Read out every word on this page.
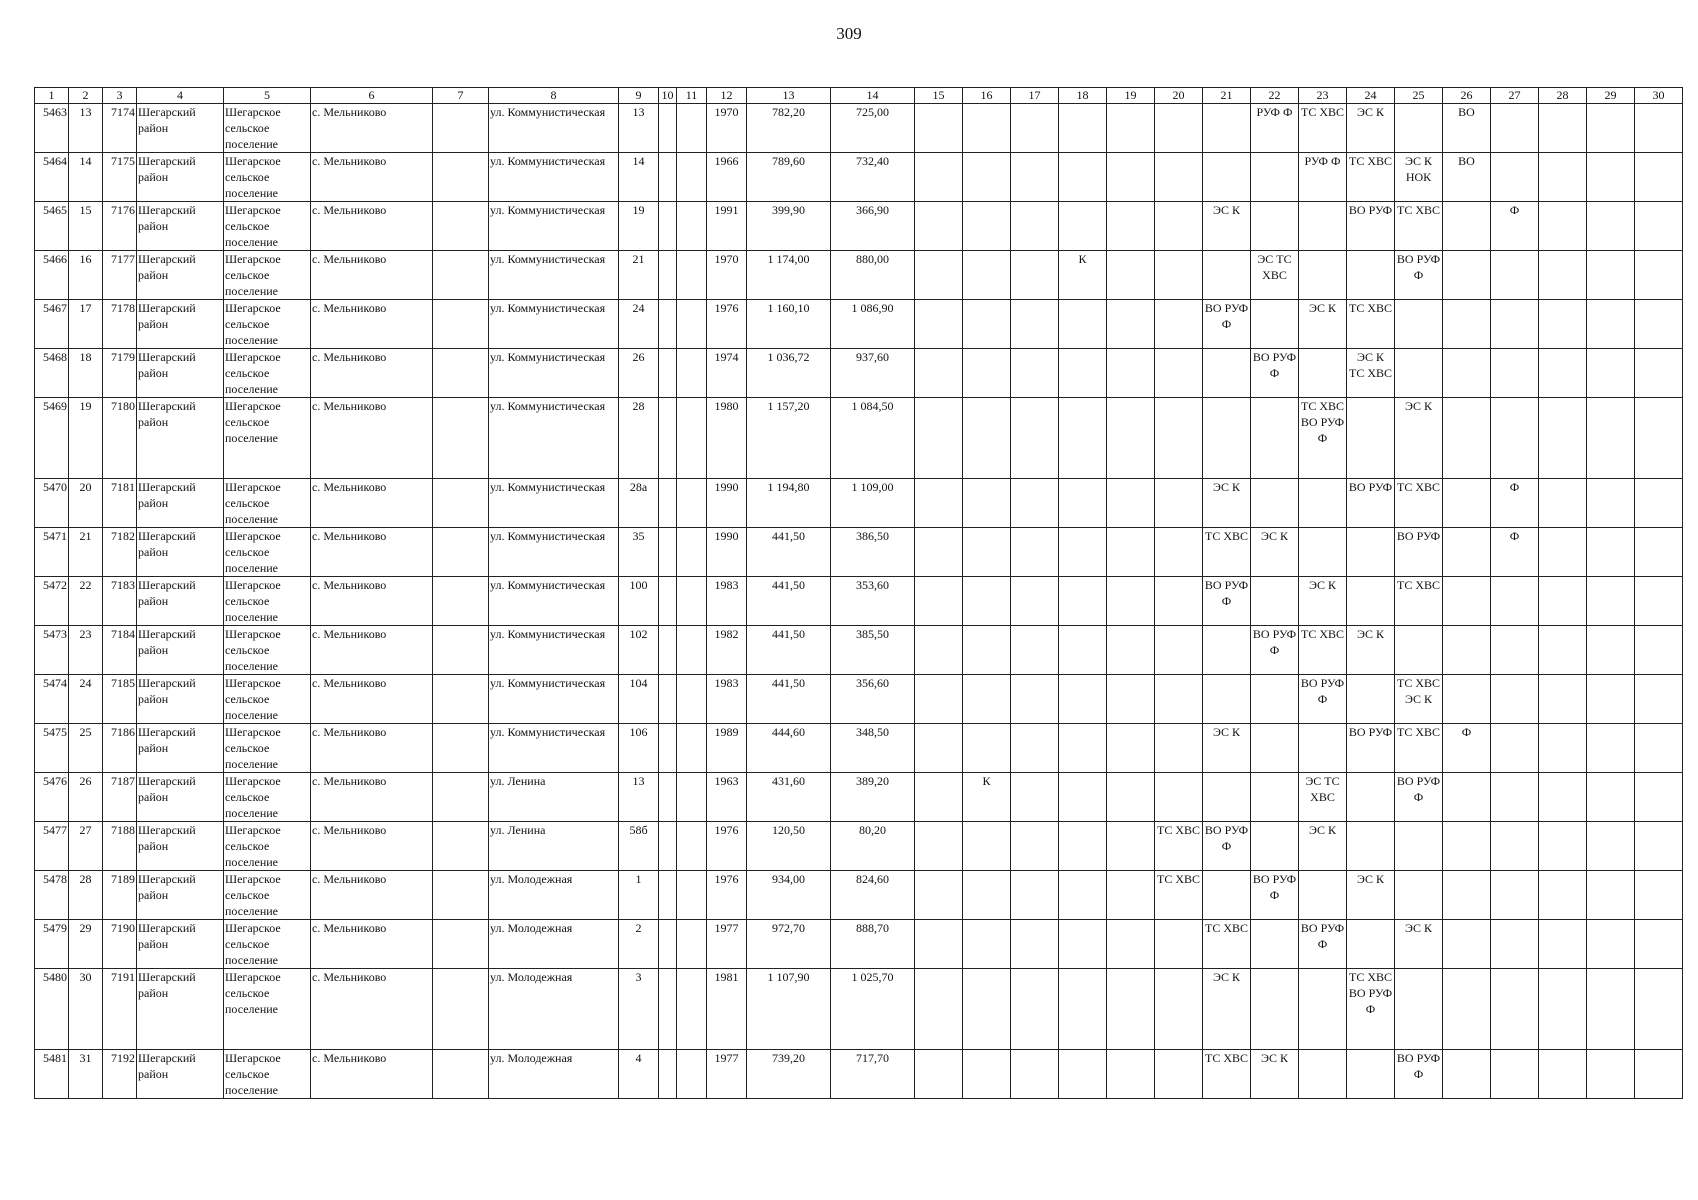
309
1	2	3	4	5	6	7	8	9	10	11	12	13	14	15	16	17	18	19	20	21	22	23	24	25	26	27	28	29	30
5463	13	7174	Шегарский район	Шегарское сельское поселение	с. Мельниково		ул. Коммунистическая	13			1970	782,20	725,00								РУФ Ф	ТС ХВС	ЭС К		ВО				
5464	14	7175	Шегарский район	Шегарское сельское поселение	с. Мельниково		ул. Коммунистическая	14			1966	789,60	732,40									РУФ Ф	ТС ХВС	ЭС К НОК	ВО				
5465	15	7176	Шегарский район	Шегарское сельское поселение	с. Мельниково		ул. Коммунистическая	19			1991	399,90	366,90							ЭС К			ВО РУФ	ТС ХВС		Ф			
5466	16	7177	Шегарский район	Шегарское сельское поселение	с. Мельниково		ул. Коммунистическая	21			1970	1 174,00	880,00				К				ЭС ТС ХВС			ВО РУФ Ф					
5467	17	7178	Шегарский район	Шегарское сельское поселение	с. Мельниково		ул. Коммунистическая	24			1976	1 160,10	1 086,90							ВО РУФ Ф		ЭС К	ТС ХВС						
5468	18	7179	Шегарский район	Шегарское сельское поселение	с. Мельниково		ул. Коммунистическая	26			1974	1 036,72	937,60								ВО РУФ Ф		ЭС К ТС ХВС						
5469	19	7180	Шегарский район	Шегарское сельское поселение	с. Мельниково		ул. Коммунистическая	28			1980	1 157,20	1 084,50									ТС ХВС ВО РУФ Ф		ЭС К					
5470	20	7181	Шегарский район	Шегарское сельское поселение	с. Мельниково		ул. Коммунистическая	28а			1990	1 194,80	1 109,00							ЭС К			ВО РУФ	ТС ХВС		Ф			
5471	21	7182	Шегарский район	Шегарское сельское поселение	с. Мельниково		ул. Коммунистическая	35			1990	441,50	386,50							ТС ХВС	ЭС К			ВО РУФ		Ф			
5472	22	7183	Шегарский район	Шегарское сельское поселение	с. Мельниково		ул. Коммунистическая	100			1983	441,50	353,60							ВО РУФ Ф		ЭС К		ТС ХВС					
5473	23	7184	Шегарский район	Шегарское сельское поселение	с. Мельниково		ул. Коммунистическая	102			1982	441,50	385,50								ВО РУФ Ф	ТС ХВС	ЭС К						
5474	24	7185	Шегарский район	Шегарское сельское поселение	с. Мельниково		ул. Коммунистическая	104			1983	441,50	356,60									ВО РУФ Ф		ТС ХВС ЭС К					
5475	25	7186	Шегарский район	Шегарское сельское поселение	с. Мельниково		ул. Коммунистическая	106			1989	444,60	348,50							ЭС К			ВО РУФ	ТС ХВС	Ф				
5476	26	7187	Шегарский район	Шегарское сельское поселение	с. Мельниково		ул. Ленина	13			1963	431,60	389,20		К							ЭС ТС ХВС		ВО РУФ Ф					
5477	27	7188	Шегарский район	Шегарское сельское поселение	с. Мельниково		ул. Ленина	58б			1976	120,50	80,20						ТС ХВС	ВО РУФ Ф		ЭС К							
5478	28	7189	Шегарский район	Шегарское сельское поселение	с. Мельниково		ул. Молодежная	1			1976	934,00	824,60						ТС ХВС		ВО РУФ Ф		ЭС К						
5479	29	7190	Шегарский район	Шегарское сельское поселение	с. Мельниково		ул. Молодежная	2			1977	972,70	888,70							ТС ХВС		ВО РУФ Ф		ЭС К					
5480	30	7191	Шегарский район	Шегарское сельское поселение	с. Мельниково		ул. Молодежная	3			1981	1 107,90	1 025,70							ЭС К			ТС ХВС ВО РУФ Ф						
5481	31	7192	Шегарский район	Шегарское сельское поселение	с. Мельниково		ул. Молодежная	4			1977	739,20	717,70							ТС ХВС	ЭС К			ВО РУФ Ф					
